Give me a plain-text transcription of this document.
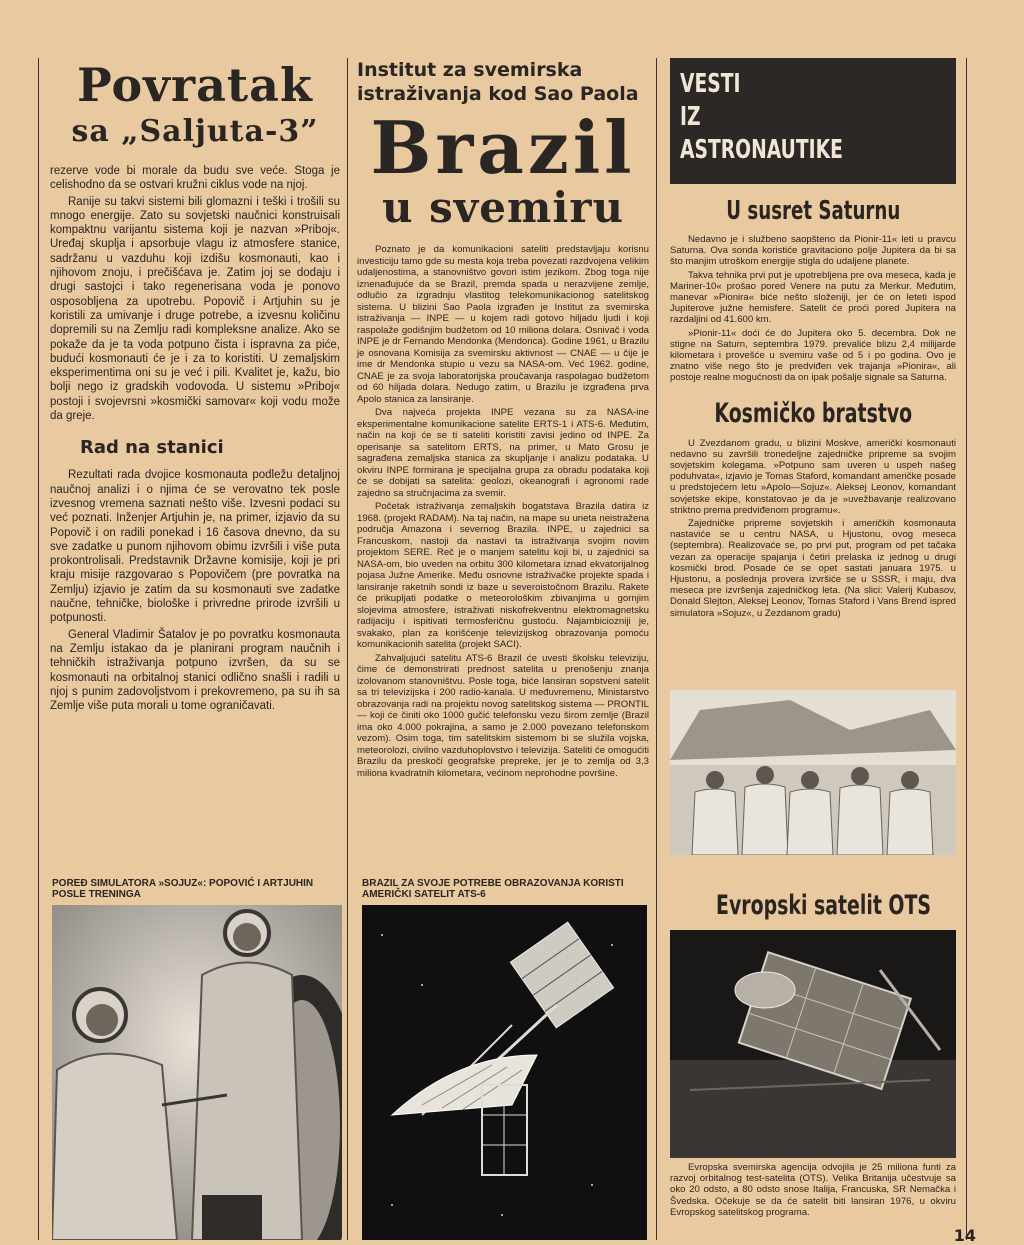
Povratak
sa „Saljuta-3”

rezerve vode bi morale da budu sve veće. Stoga je celishodno da se ostvari kružni ciklus vode na njoj.

Ranije su takvi sistemi bili glomazni i teški i trošili su mnogo energije. Zato su sovjetski naučnici konstruisali kompaktnu varijantu sistema koji je nazvan »Priboj«. Uređaj skuplja i apsorbuje vlagu iz atmosfere stanice, sadržanu u vazduhu koji izdišu kosmonauti, kao i njihovom znoju, i prečišćava je. Zatim joj se dodaju i drugi sastojci i tako regenerisana voda je ponovo osposobljena za upotrebu. Popovič i Artjuhin su je koristili za umivanje i druge potrebe, a izvesnu količinu dopremili su na Zemlju radi kompleksne analize. Ako se pokaže da je ta voda potpuno čista i ispravna za piće, budući kosmonauti će je i za to koristiti. U zemaljskim eksperimentima oni su je već i pili. Kvalitet je, kažu, bio bolji nego iz gradskih vodovoda. U sistemu »Priboj« postoji i svojevrsni »kosmički samovar« koji vodu može da greje.

Rad na stanici

Rezultati rada dvojice kosmonauta podležu detaljnoj naučnoj analizi i o njima će se verovatno tek posle izvesnog vremena saznati nešto više. Izvesni podaci su već poznati. Inženjer Artjuhin je, na primer, izjavio da su Popovič i on radili ponekad i 16 časova dnevno, da su sve zadatke u punom njihovom obimu izvršili i više puta prokontrolisali. Predstavnik Državne komisije, koji je pri kraju misije razgovarao s Popovičem (pre povratka na Zemlju) izjavio je zatim da su kosmonauti sve zadatke naučne, tehničke, biološke i privredne prirode izvršili u potpunosti.

General Vladimir Šatalov je po povratku kosmonauta na Zemlju istakao da je planirani program naučnih i tehničkih istraživanja potpuno izvršen, da su se kosmonauti na orbitalnoj stanici odlično snašli i radili u njoj s punim zadovoljstvom i prekovremeno, pa su ih sa Zemlje više puta morali u tome ograničavati.

POREĐ SIMULATORA »SOJUZ«: POPOVIĆ I ARTJUHIN POSLE TRENINGA

Institut za svemirska istraživanja kod Sao Paola
Brazil
u svemiru

Poznato je da komunikacioni sateliti predstavljaju korisnu investiciju tamo gde su mesta koja treba povezati razdvojena velikim udaljenostima, a stanovništvo govori istim jezikom. Zbog toga nije iznenađujuće da se Brazil, premda spada u nerazvijene zemlje, odlučio za izgradnju vlastitog telekomunikacionog satelitskog sistema. U blizini Sao Paola izgrađen je Institut za svemirska istraživanja — INPE — u kojem radi gotovo hiljadu ljudi i koji raspolaže godišnjim budžetom od 10 miliona dolara. Osnivač i voda INPE je dr Fernando Mendonka (Mendonca). Godine 1961, u Brazilu je osnovana Komisija za svemirsku aktivnost — CNAE — u čije je ime dr Mendonka stupio u vezu sa NASA-om. Već 1962. godine, CNAE je za svoja laboratorijska proučavanja raspolagao budžetom od 60 hiljada dolara. Nedugo zatim, u Brazilu je izgrađena prva Apolo stanica za lansiranje.

Dva najveća projekta INPE vezana su za NASA-ine eksperimentalne komunikacione satelite ERTS-1 i ATS-6. Međutim, način na koji će se ti sateliti koristiti zavisi jedino od INPE. Za operisanje sa satelitom ERTS, na primer, u Mato Grosu je sagrađena zemaljska stanica za skupljanje i analizu podataka. U okviru INPE formirana je specijalna grupa za obradu podataka koji će se dobijati sa satelita: geolozi, okeanografi i agronomi rade zajedno sa stručnjacima za svemir.

Početak istraživanja zemaljskih bogatstava Brazila datira iz 1968. (projekt RADAM). Na taj način, na mape su uneta neistražena područja Amazona i severnog Brazila. INPE, u zajednici sa Francuskom, nastoji da nastavi ta istraživanja svojim novim projektom SERE. Reč je o manjem satelitu koji bi, u zajednici sa NASA-om, bio uveden na orbitu 300 kilometara iznad ekvatorijalnog pojasa Južne Amerike. Među osnovne istraživačke projekte spada i lansiranje raketnih sondi iz baze u severoistočnom Brazilu. Rakete će prikupljati podatke o meteorološkim zbivanjima u gornjim slojevima atmosfere, istraživati niskofrekventnu elektromagnetsku radijaciju i ispitivati termosferičnu gustoću. Najambiciozniji je, svakako, plan za korišćenje televizijskog obrazovanja pomoću komunikacionih satelita (projekt SACI).

Zahvaljujući satelitu ATS-6 Brazil će uvesti školsku televiziju, čime će demonstrirati prednost satelita u prenošenju znanja izolovanom stanovništvu. Posle toga, biće lansiran sopstveni satelit sa tri televizijska i 200 radio-kanala. U međuvremenu, Ministarstvo obrazovanja radi na projektu novog satelitskog sistema — PRONTIL — koji će činiti oko 1000 gučić telefonsku vezu širom zemlje (Brazil ima oko 4.000 pokrajina, a samo je 2.000 povezano telefonskom vezom). Osim toga, tim satelitskim sistemom bi se služila vojska, meteorolozi, civilno vazduhoplovstvo i televizija. Sateliti će omogućiti Brazilu da preskoči geografske prepreke, jer je to zemlja od 3,3 miliona kvadratnih kilometara, većinom neprohodne površine.

BRAZIL ZA SVOJE POTREBE OBRAZOVANJA KORISTI AMERIČKI SATELIT ATS-6

VESTI
IZ
ASTRONAUTIKE
U susret Saturnu

Nedavno je i službeno saopšteno da Pionir-11« leti u pravcu Saturna. Ova sonda koristiće gravitaciono polje Jupitera da bi sa što manjim utroškom energije stigla do udaljene planete.

Takva tehnika prvi put je upotrebljena pre ova meseca, kada je Mariner-10« prošao pored Venere na putu za Merkur. Međutim, manevar »Pionira« biće nešto složeniji, jer će on leteti ispod Jupiterove južne hemisfere. Satelit će proći pored Jupitera na razdaljini od 41.600 km.

»Pionir-11« doći će do Jupitera oko 5. decembra. Dok ne stigne na Saturn, septembra 1979. prevaliće blizu 2,4 milijarde kilometara i provešće u svemiru vaše od 5 i po godina. Ovo je znatno više nego što je predviđen vek trajanja »Pionira«, ali postoje realne mogućnosti da on ipak pošalje signale sa Saturna.

Kosmičko bratstvo

U Zvezdanom gradu, u blizini Moskve, američki kosmonauti nedavno su završili tronedeljne zajedničke pripreme sa svojim sovjetskim kolegama. »Potpuno sam uveren u uspeh našeg poduhvata«, izjavio je Tomas Staford, komandant američke posade u predstojećem letu »Apolo—Sojuz«. Aleksej Leonov, komandant sovjetske ekipe, konstatovao je da je »uvežbavanje realizovano striktno prema predviđenom programu«.

Zajedničke pripreme sovjetskih i američkih kosmonauta nastaviće se u centru NASA, u Hjustonu, ovog meseca (septembra). Realizovaće se, po prvi put, program od pet tačaka vezan za operacije spajanja i četiri prelaska iz jednog u drugi kosmički brod. Posade će se opet sastati januara 1975. u Hjustonu, a poslednja provera izvršiće se u SSSR, i maju, dva meseca pre izvršenja zajedničkog leta. (Na slici: Valerij Kubasov, Donald Slejton, Aleksej Leonov, Tomas Staford i Vans Brend ispred simulatora »Sojuz«, u Zezdanom gradu)

Evropski satelit OTS

Evropska svemirska agencija odvojila je 25 miliona funti za razvoj orbitalnog test-satelita (OTS). Velika Britanija učestvuje sa oko 20 odsto, a 80 odsto snose Italija, Francuska, SR Nemačka i Švedska. Očekuje se da će satelit biti lansiran 1976, u okviru Evropskog satelitskog programa.

14
